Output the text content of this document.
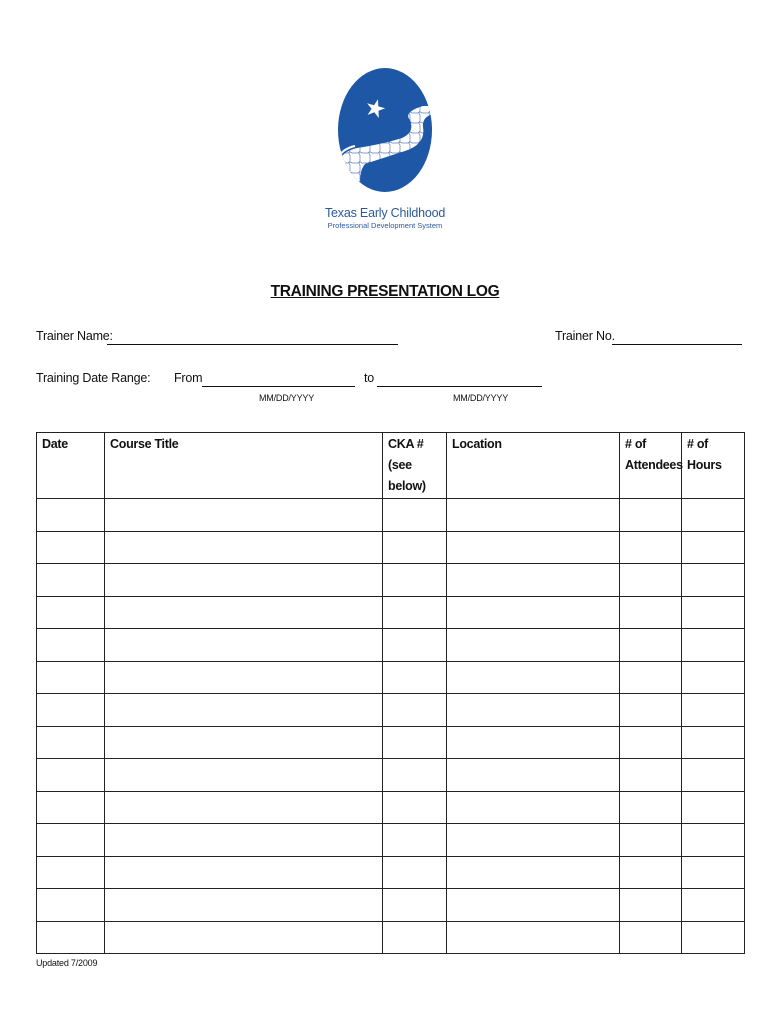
Texas Early Childhood
Professional Development System
TRAINING PRESENTATION LOG
Trainer Name:	Trainer No.
Training Date Range: From	to
MM/DD/YYYY	MM/DD/YYYY
Date	Course Title	CKA # (see below)	Location	# of Attendees	# of Hours

Updated 7/2009
